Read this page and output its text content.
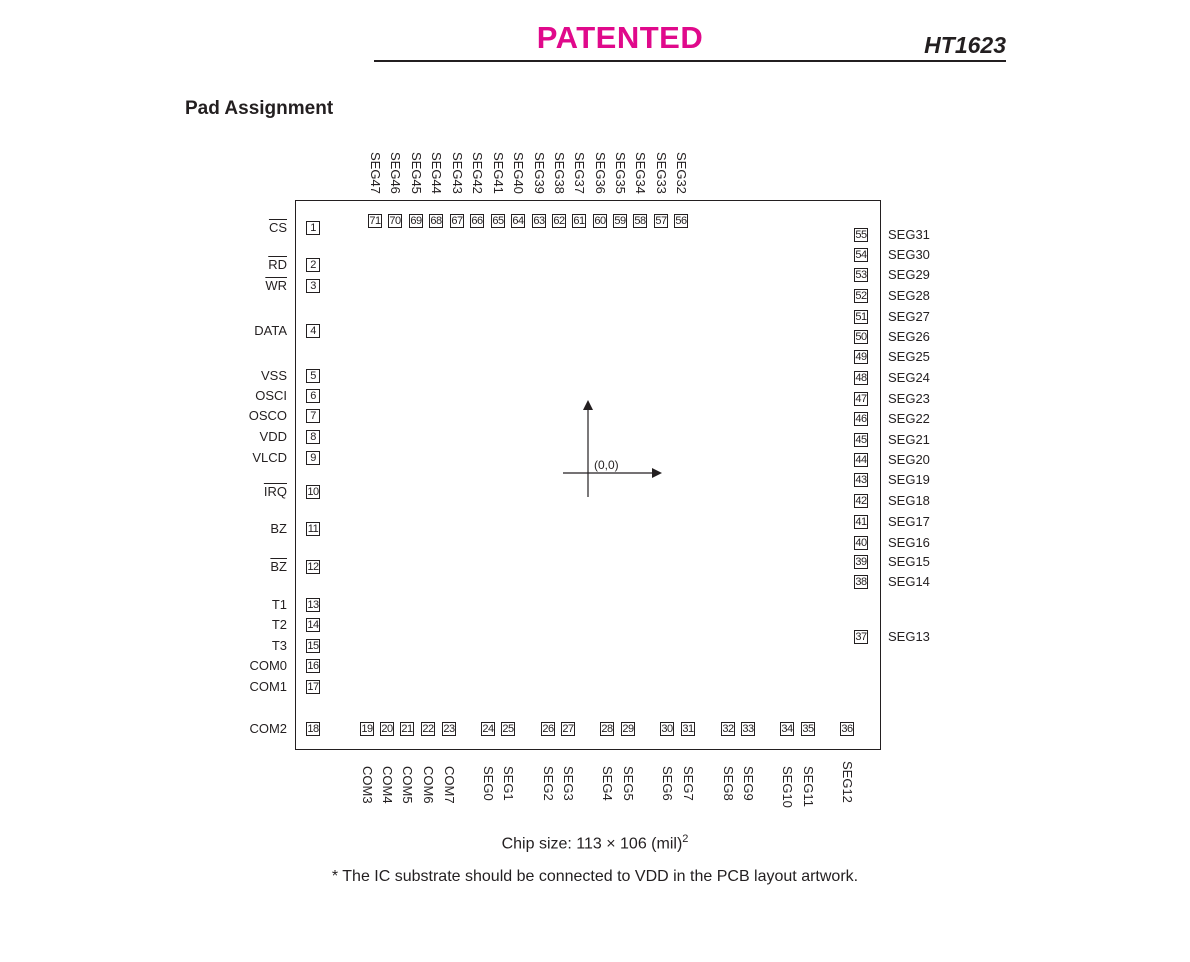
PATENTED	HT1623
Pad Assignment
(0,0)
1
$\overline{CS}$
2
$\overline{RD}$
3
$\overline{WR}$
4
DATA
5
VSS
6
OSCI
7
OSCO
8
VDD
9
VLCD
10
$\overline{IRQ}$
11
BZ
12
$\overline{BZ}$
13
T1
14
T2
15
T3
16
COM0
17
COM1
18
COM2	19
COM3
20
COM4
21
COM5
22
COM6
23
COM7
24
SEG0
25
SEG1
26
SEG2
27
SEG3
28
SEG4
29
SEG5
30
SEG6
31
SEG7
32
SEG8
33
SEG9
34
SEG10
35
SEG11
36
SEG12
37 SEG13
38 SEG14
39 SEG15
40 SEG16
41 SEG17
42 SEG18
43 SEG19
44 SEG20
45 SEG21
46 SEG22
47 SEG23
48 SEG24
49 SEG25
50 SEG26
51 SEG27
52 SEG28
53 SEG29
54 SEG30
55 SEG31
56
SEG32
57
SEG33
58
SEG34
59
SEG35
60
SEG36
61
SEG37
62
SEG38
63
SEG39
64
SEG40
65
SEG41
66
SEG42
67
SEG43
68
SEG44
69
SEG45
70
SEG46
71
SEG47
Chip size: 113 × 106 (mil)$^2$
* The IC substrate should be connected to VDD in the PCB layout artwork.
